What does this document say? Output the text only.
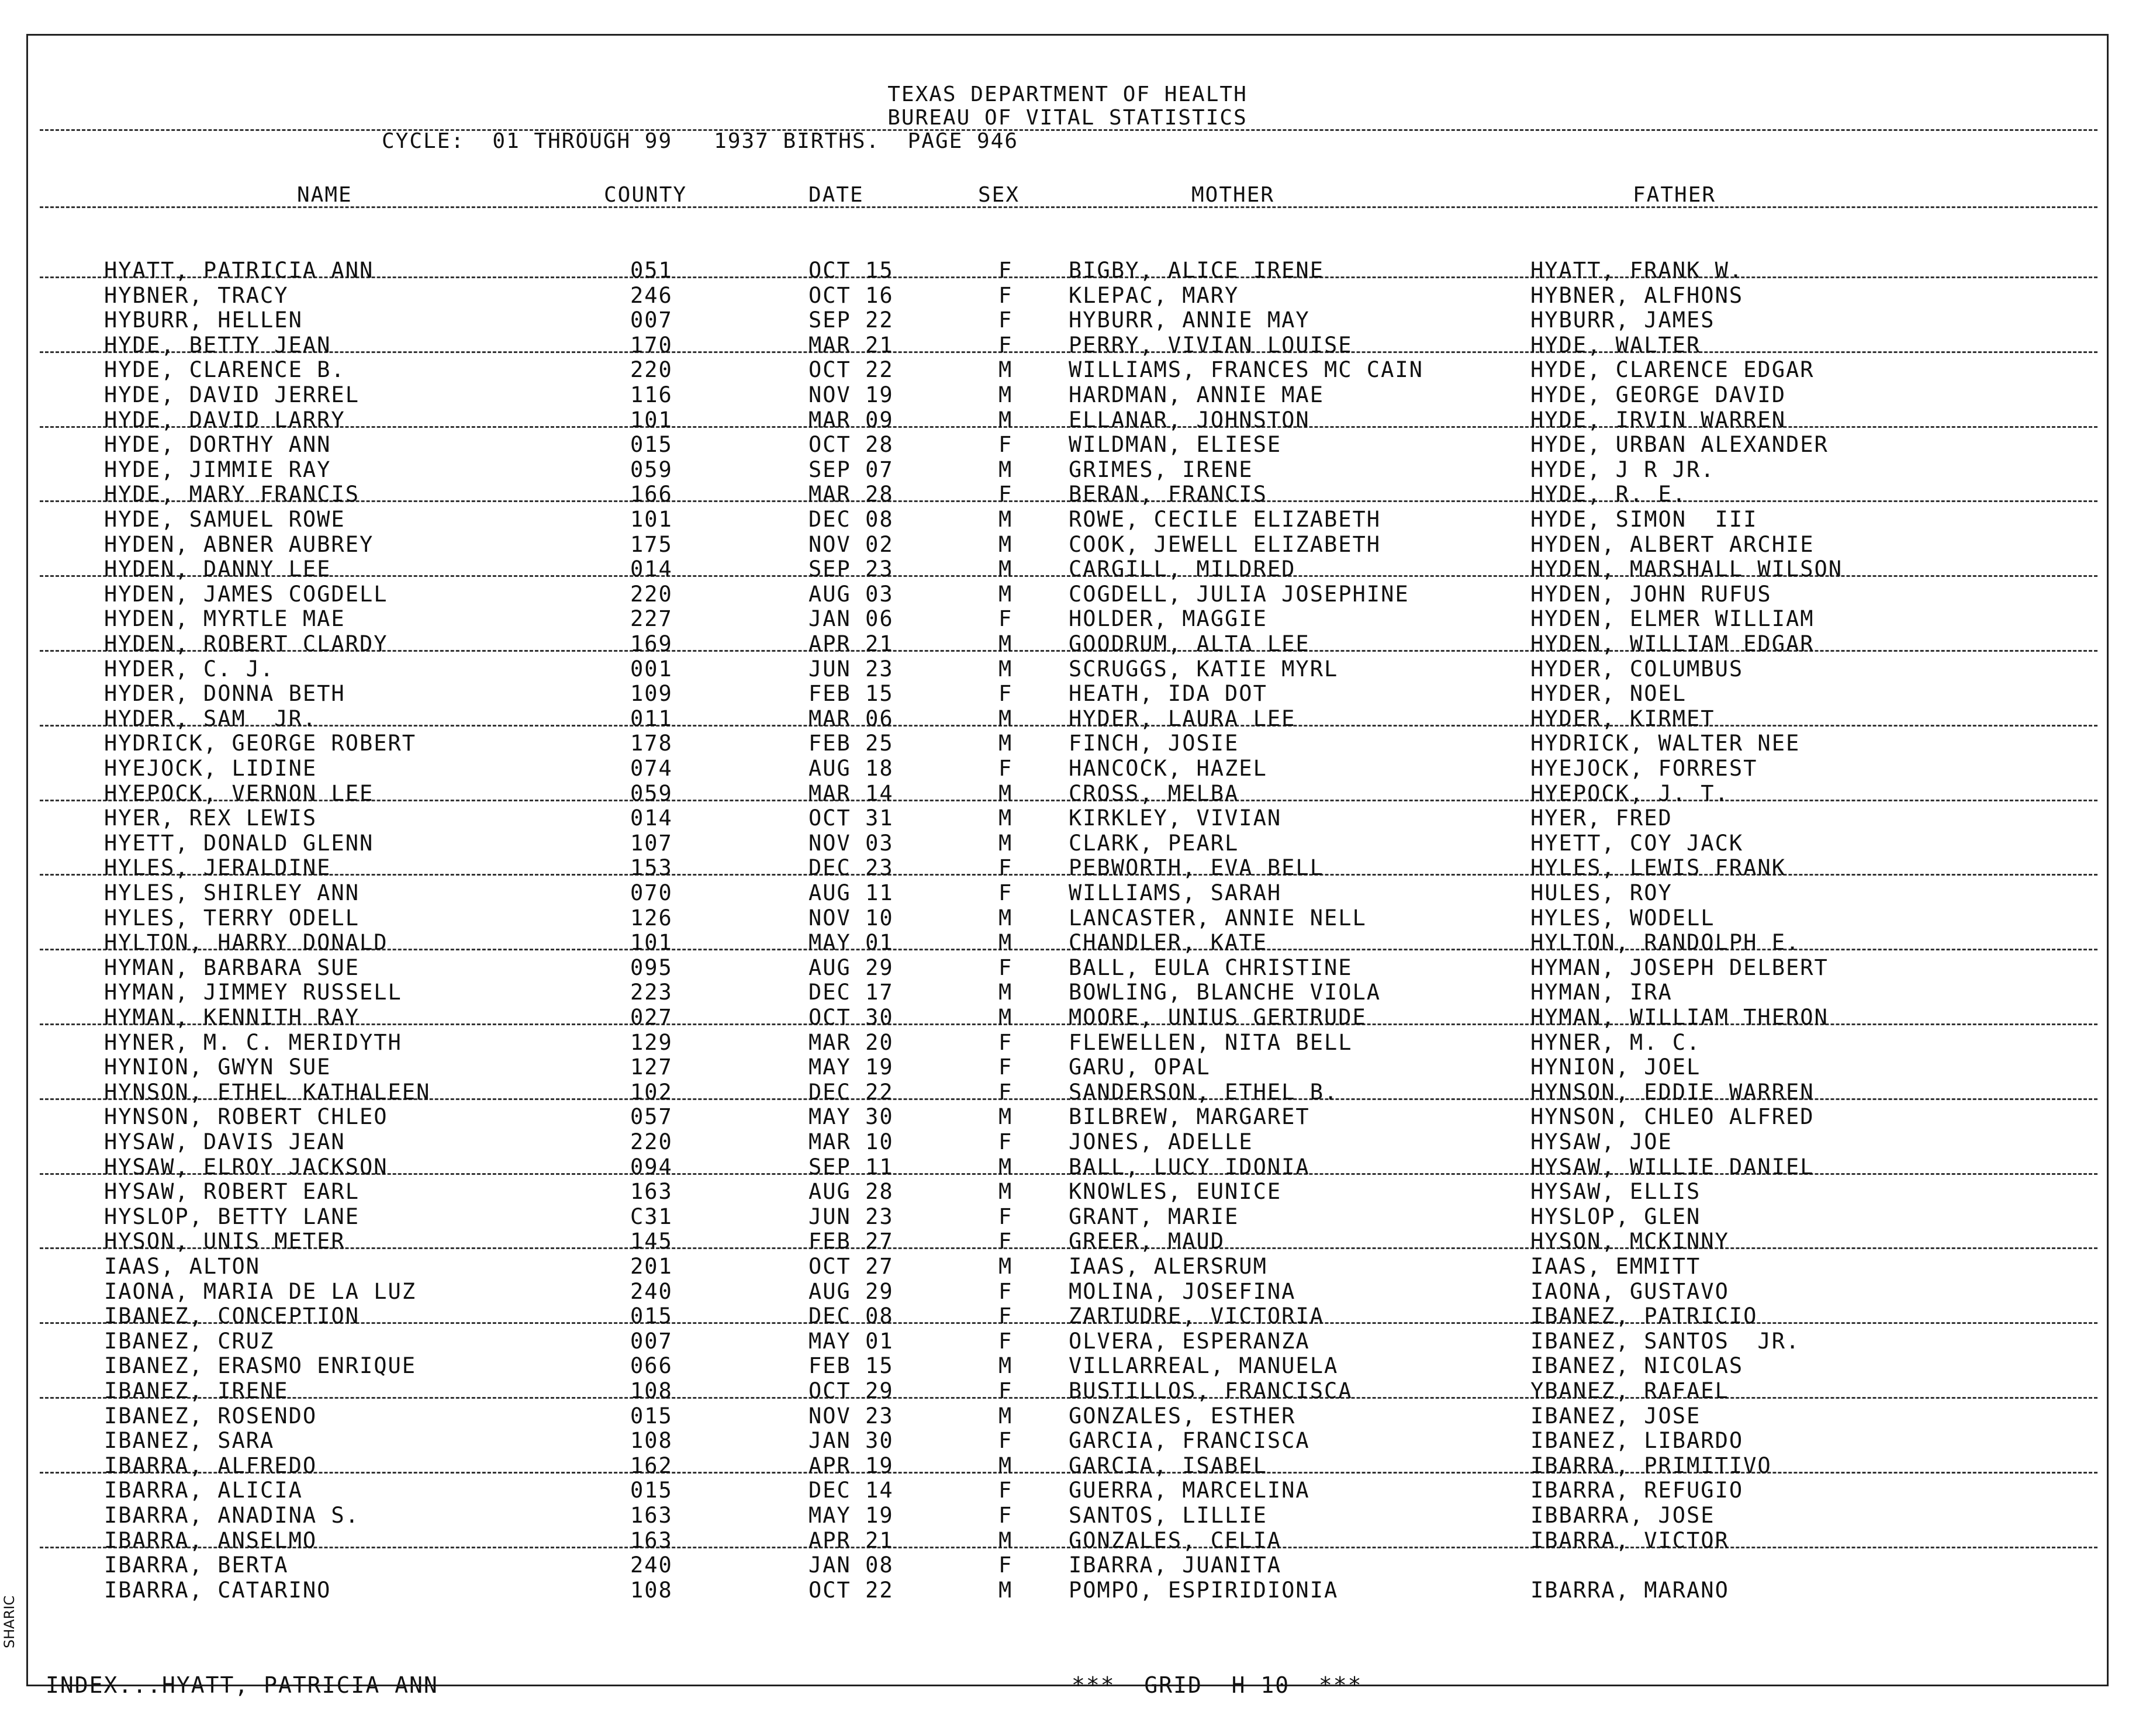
TEXAS DEPARTMENT OF HEALTH
BUREAU OF VITAL STATISTICS
CYCLE:  01 THROUGH 99   1937 BIRTHS.  PAGE 946
NAME	COUNTY	DATE	SEX	MOTHER	FATHER
HYATT, PATRICIA ANN	051	OCT 15	F	BIGBY, ALICE IRENE	HYATT, FRANK W.
HYBNER, TRACY	246	OCT 16	F	KLEPAC, MARY	HYBNER, ALFHONS
HYBURR, HELLEN	007	SEP 22	F	HYBURR, ANNIE MAY	HYBURR, JAMES
HYDE, BETTY JEAN	170	MAR 21	F	PERRY, VIVIAN LOUISE	HYDE, WALTER
HYDE, CLARENCE B.	220	OCT 22	M	WILLIAMS, FRANCES MC CAIN	HYDE, CLARENCE EDGAR
HYDE, DAVID JERREL	116	NOV 19	M	HARDMAN, ANNIE MAE	HYDE, GEORGE DAVID
HYDE, DAVID LARRY	101	MAR 09	M	ELLANAR, JOHNSTON	HYDE, IRVIN WARREN
HYDE, DORTHY ANN	015	OCT 28	F	WILDMAN, ELIESE	HYDE, URBAN ALEXANDER
HYDE, JIMMIE RAY	059	SEP 07	M	GRIMES, IRENE	HYDE, J R JR.
HYDE, MARY FRANCIS	166	MAR 28	F	BERAN, FRANCIS	HYDE, R. E.
HYDE, SAMUEL ROWE	101	DEC 08	M	ROWE, CECILE ELIZABETH	HYDE, SIMON  III
HYDEN, ABNER AUBREY	175	NOV 02	M	COOK, JEWELL ELIZABETH	HYDEN, ALBERT ARCHIE
HYDEN, DANNY LEE	014	SEP 23	M	CARGILL, MILDRED	HYDEN, MARSHALL WILSON
HYDEN, JAMES COGDELL	220	AUG 03	M	COGDELL, JULIA JOSEPHINE	HYDEN, JOHN RUFUS
HYDEN, MYRTLE MAE	227	JAN 06	F	HOLDER, MAGGIE	HYDEN, ELMER WILLIAM
HYDEN, ROBERT CLARDY	169	APR 21	M	GOODRUM, ALTA LEE	HYDEN, WILLIAM EDGAR
HYDER, C. J.	001	JUN 23	M	SCRUGGS, KATIE MYRL	HYDER, COLUMBUS
HYDER, DONNA BETH	109	FEB 15	F	HEATH, IDA DOT	HYDER, NOEL
HYDER, SAM  JR.	011	MAR 06	M	HYDER, LAURA LEE	HYDER, KIRMET
HYDRICK, GEORGE ROBERT	178	FEB 25	M	FINCH, JOSIE	HYDRICK, WALTER NEE
HYEJOCK, LIDINE	074	AUG 18	F	HANCOCK, HAZEL	HYEJOCK, FORREST
HYEPOCK, VERNON LEE	059	MAR 14	M	CROSS, MELBA	HYEPOCK, J. T.
HYER, REX LEWIS	014	OCT 31	M	KIRKLEY, VIVIAN	HYER, FRED
HYETT, DONALD GLENN	107	NOV 03	M	CLARK, PEARL	HYETT, COY JACK
HYLES, JERALDINE	153	DEC 23	F	PEBWORTH, EVA BELL	HYLES, LEWIS FRANK
HYLES, SHIRLEY ANN	070	AUG 11	F	WILLIAMS, SARAH	HULES, ROY
HYLES, TERRY ODELL	126	NOV 10	M	LANCASTER, ANNIE NELL	HYLES, WODELL
HYLTON, HARRY DONALD	101	MAY 01	M	CHANDLER, KATE	HYLTON, RANDOLPH E.
HYMAN, BARBARA SUE	095	AUG 29	F	BALL, EULA CHRISTINE	HYMAN, JOSEPH DELBERT
HYMAN, JIMMEY RUSSELL	223	DEC 17	M	BOWLING, BLANCHE VIOLA	HYMAN, IRA
HYMAN, KENNITH RAY	027	OCT 30	M	MOORE, UNIUS GERTRUDE	HYMAN, WILLIAM THERON
HYNER, M. C. MERIDYTH	129	MAR 20	F	FLEWELLEN, NITA BELL	HYNER, M. C.
HYNION, GWYN SUE	127	MAY 19	F	GARU, OPAL	HYNION, JOEL
HYNSON, ETHEL KATHALEEN	102	DEC 22	F	SANDERSON, ETHEL B.	HYNSON, EDDIE WARREN
HYNSON, ROBERT CHLEO	057	MAY 30	M	BILBREW, MARGARET	HYNSON, CHLEO ALFRED
HYSAW, DAVIS JEAN	220	MAR 10	F	JONES, ADELLE	HYSAW, JOE
HYSAW, ELROY JACKSON	094	SEP 11	M	BALL, LUCY IDONIA	HYSAW, WILLIE DANIEL
HYSAW, ROBERT EARL	163	AUG 28	M	KNOWLES, EUNICE	HYSAW, ELLIS
HYSLOP, BETTY LANE	C31	JUN 23	F	GRANT, MARIE	HYSLOP, GLEN
HYSON, UNIS METER	145	FEB 27	F	GREER, MAUD	HYSON, MCKINNY
IAAS, ALTON	201	OCT 27	M	IAAS, ALERSRUM	IAAS, EMMITT
IAONA, MARIA DE LA LUZ	240	AUG 29	F	MOLINA, JOSEFINA	IAONA, GUSTAVO
IBANEZ, CONCEPTION	015	DEC 08	F	ZARTUDRE, VICTORIA	IBANEZ, PATRICIO
IBANEZ, CRUZ	007	MAY 01	F	OLVERA, ESPERANZA	IBANEZ, SANTOS  JR.
IBANEZ, ERASMO ENRIQUE	066	FEB 15	M	VILLARREAL, MANUELA	IBANEZ, NICOLAS
IBANEZ, IRENE	108	OCT 29	F	BUSTILLOS, FRANCISCA	YBANEZ, RAFAEL
IBANEZ, ROSENDO	015	NOV 23	M	GONZALES, ESTHER	IBANEZ, JOSE
IBANEZ, SARA	108	JAN 30	F	GARCIA, FRANCISCA	IBANEZ, LIBARDO
IBARRA, ALFREDO	162	APR 19	M	GARCIA, ISABEL	IBARRA, PRIMITIVO
IBARRA, ALICIA	015	DEC 14	F	GUERRA, MARCELINA	IBARRA, REFUGIO
IBARRA, ANADINA S.	163	MAY 19	F	SANTOS, LILLIE	IBBARRA, JOSE
IBARRA, ANSELMO	163	APR 21	M	GONZALES, CELIA	IBARRA, VICTOR
IBARRA, BERTA	240	JAN 08	F	IBARRA, JUANITA
IBARRA, CATARINO	108	OCT 22	M	POMPO, ESPIRIDIONIA	IBARRA, MARANO
INDEX...HYATT, PATRICIA ANN	***  GRID  H 10  ***
SHARIC
